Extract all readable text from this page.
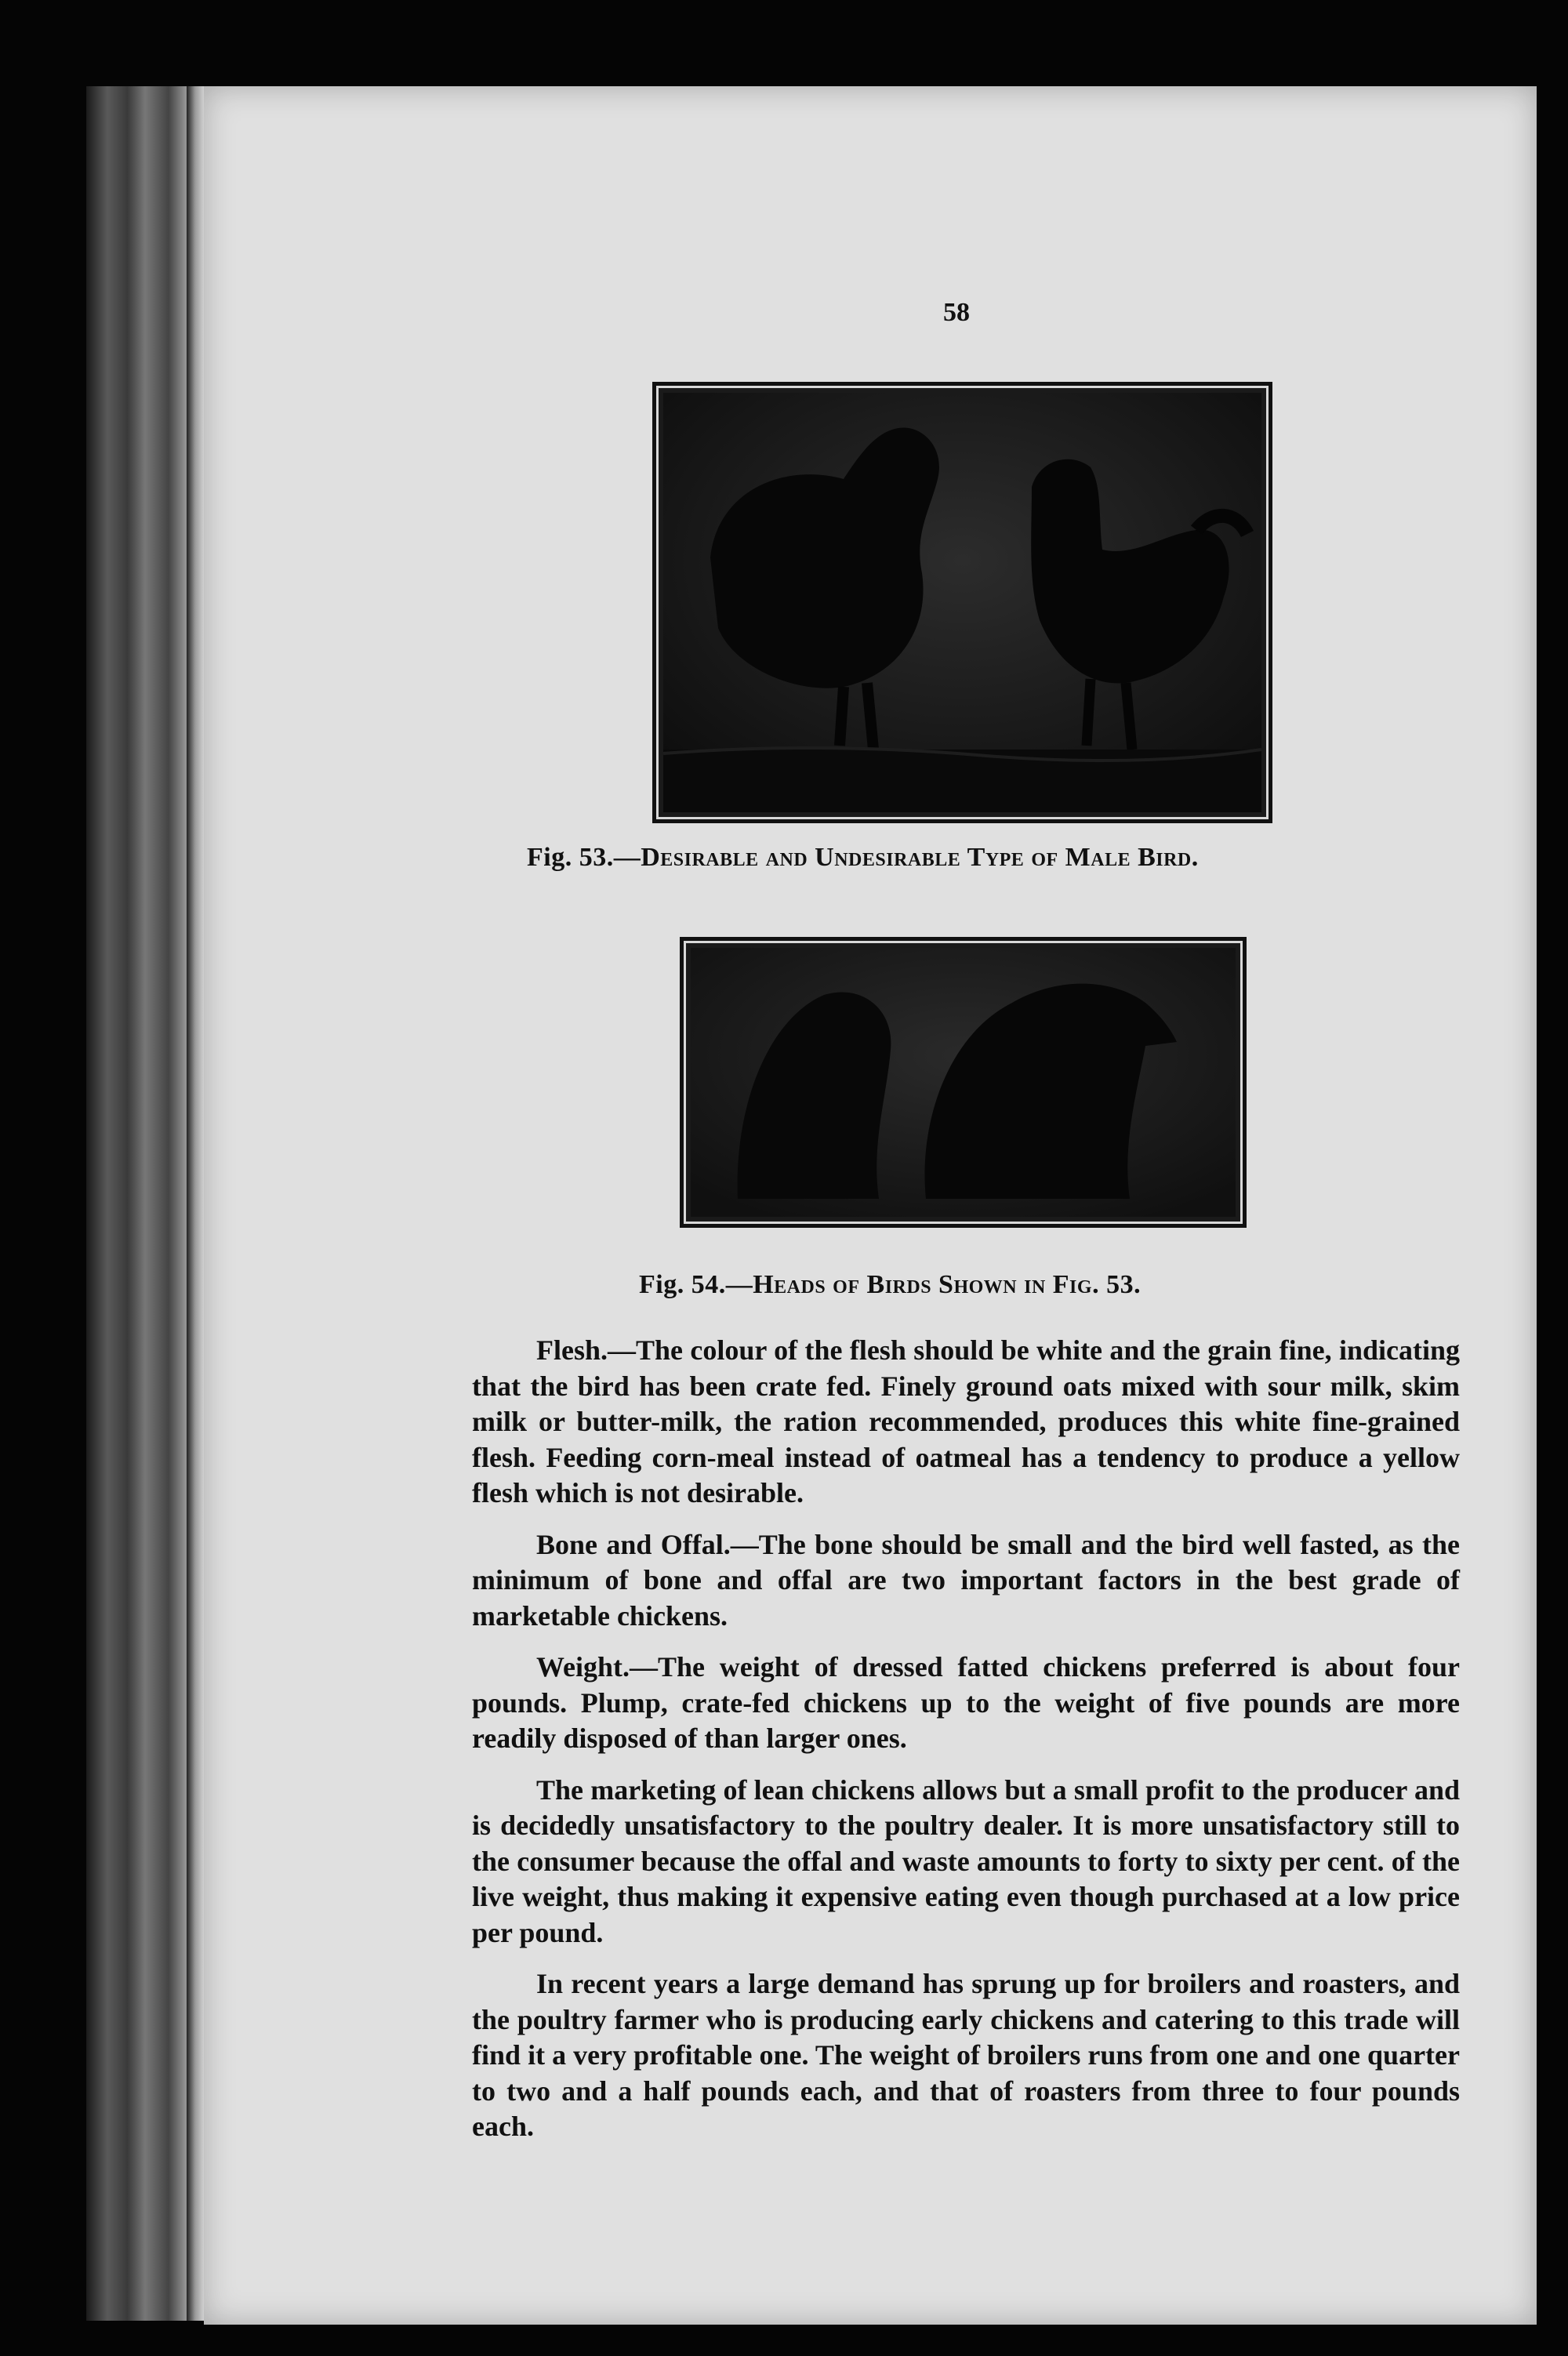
58
Fig. 53.—Desirable and Undesirable Type of Male Bird.
Fig. 54.—Heads of Birds Shown in Fig. 53.

Flesh.—The colour of the flesh should be white and the grain fine, indicating that the bird has been crate fed. Finely ground oats mixed with sour milk, skim milk or butter-milk, the ration recommended, produces this white fine-grained flesh. Feeding corn-meal instead of oatmeal has a tendency to produce a yellow flesh which is not desirable.

Bone and Offal.—The bone should be small and the bird well fasted, as the minimum of bone and offal are two important factors in the best grade of marketable chickens.

Weight.—The weight of dressed fatted chickens preferred is about four pounds. Plump, crate-fed chickens up to the weight of five pounds are more readily disposed of than larger ones.

The marketing of lean chickens allows but a small profit to the producer and is decidedly unsatisfactory to the poultry dealer. It is more unsatisfactory still to the consumer because the offal and waste amounts to forty to sixty per cent. of the live weight, thus making it expensive eating even though purchased at a low price per pound.

In recent years a large demand has sprung up for broilers and roasters, and the poultry farmer who is producing early chickens and catering to this trade will find it a very profitable one. The weight of broilers runs from one and one quarter to two and a half pounds each, and that of roasters from three to four pounds each.
